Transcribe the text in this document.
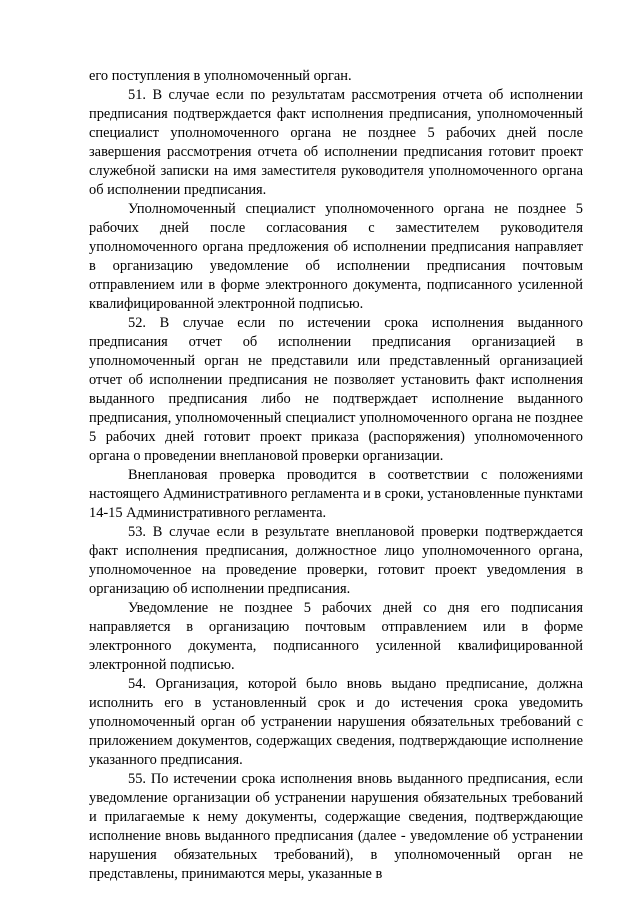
его поступления в уполномоченный орган.

51. В случае если по результатам рассмотрения отчета об исполнении предписания подтверждается факт исполнения предписания, уполномоченный специалист уполномоченного органа не позднее 5 рабочих дней после завершения рассмотрения отчета об исполнении предписания готовит проект служебной записки на имя заместителя руководителя уполномоченного органа об исполнении предписания.

Уполномоченный специалист уполномоченного органа не позднее 5 рабочих дней после согласования с заместителем руководителя уполномоченного органа предложения об исполнении предписания направляет в организацию уведомление об исполнении предписания почтовым отправлением или в форме электронного документа, подписанного усиленной квалифицированной электронной подписью.

52. В случае если по истечении срока исполнения выданного предписания отчет об исполнении предписания организацией в уполномоченный орган не представили или представленный организацией отчет об исполнении предписания не позволяет установить факт исполнения выданного предписания либо не подтверждает исполнение выданного предписания, уполномоченный специалист уполномоченного органа не позднее 5 рабочих дней готовит проект приказа (распоряжения) уполномоченного органа о проведении внеплановой проверки организации.

Внеплановая проверка проводится в соответствии с положениями настоящего Административного регламента и в сроки, установленные пунктами 14-15 Административного регламента.

53. В случае если в результате внеплановой проверки подтверждается факт исполнения предписания, должностное лицо уполномоченного органа, уполномоченное на проведение проверки, готовит проект уведомления в организацию об исполнении предписания.

Уведомление не позднее 5 рабочих дней со дня его подписания направляется в организацию почтовым отправлением или в форме электронного документа, подписанного усиленной квалифицированной электронной подписью.

54. Организация, которой было вновь выдано предписание, должна исполнить его в установленный срок и до истечения срока уведомить уполномоченный орган об устранении нарушения обязательных требований с приложением документов, содержащих сведения, подтверждающие исполнение указанного предписания.

55. По истечении срока исполнения вновь выданного предписания, если уведомление организации об устранении нарушения обязательных требований и прилагаемые к нему документы, содержащие сведения, подтверждающие исполнение вновь выданного предписания (далее - уведомление об устранении нарушения обязательных требований), в уполномоченный орган не представлены, принимаются меры, указанные в
